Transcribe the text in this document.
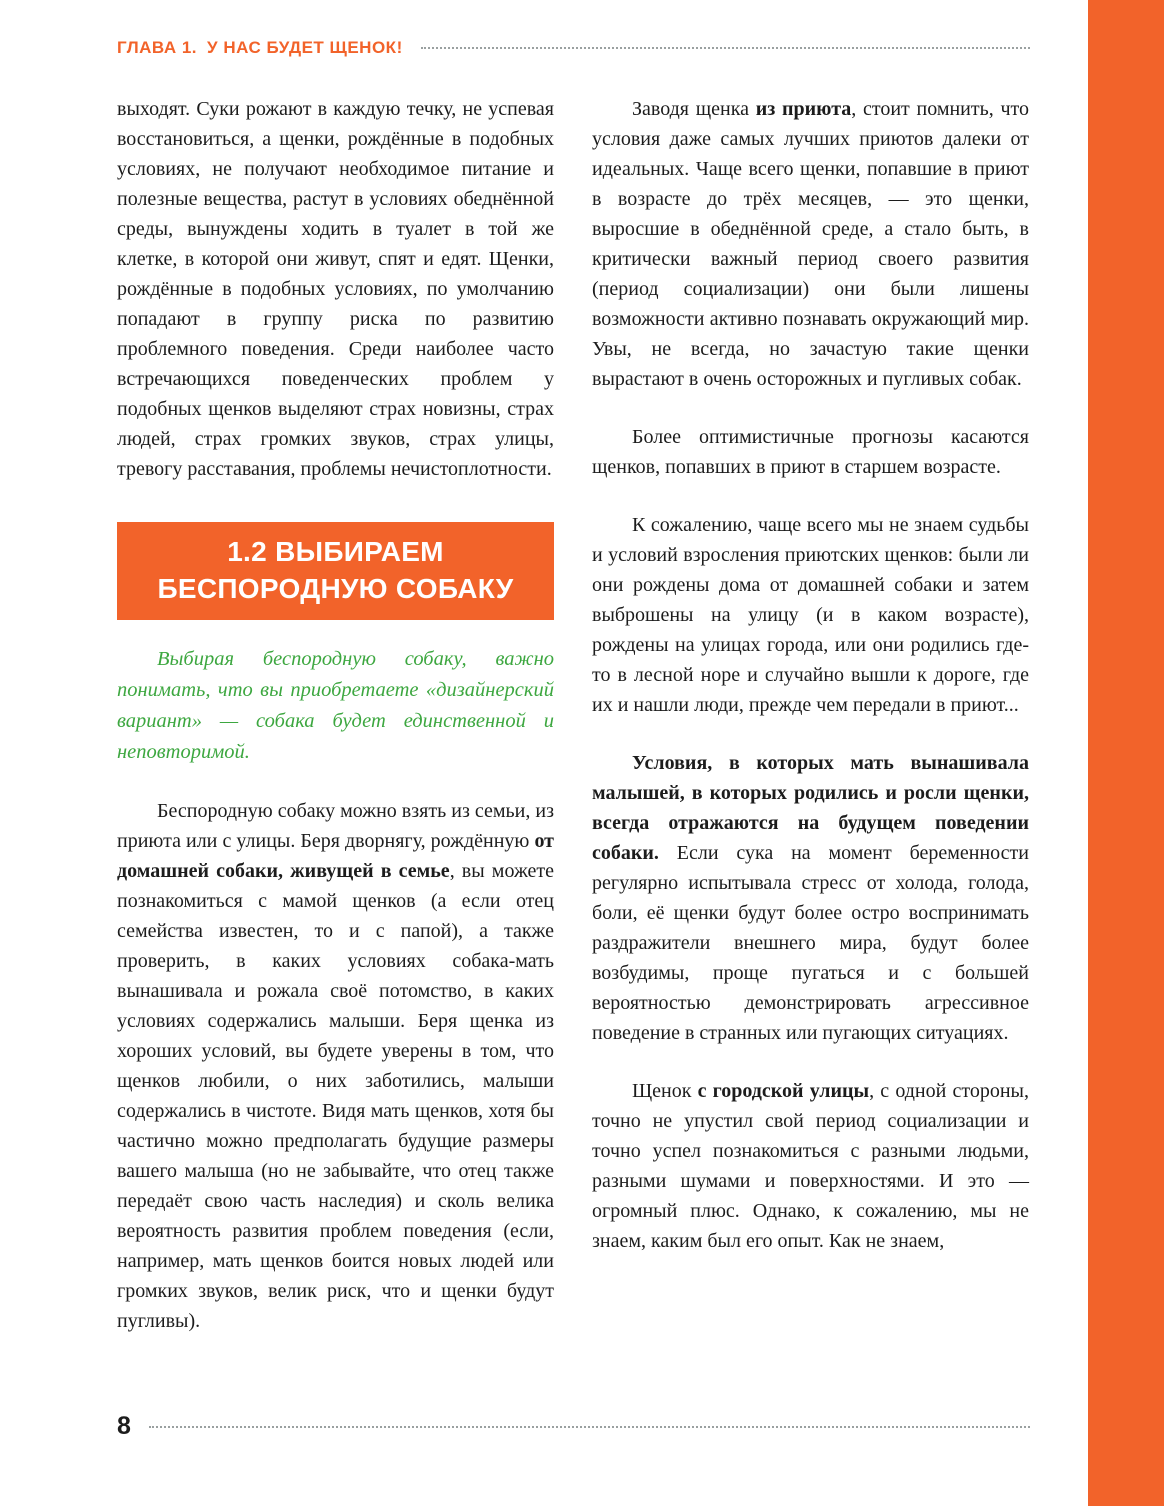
ГЛАВА 1. У НАС БУДЕТ ЩЕНОК!

выходят. Суки рожают в каждую течку, не успевая восстановиться, а щенки, рождённые в подобных условиях, не получают необходимое питание и полезные вещества, растут в условиях обеднённой среды, вынуждены ходить в туалет в той же клетке, в которой они живут, спят и едят. Щенки, рождённые в подобных условиях, по умолчанию попадают в группу риска по развитию проблемного поведения. Среди наиболее часто встречающихся поведенческих проблем у подобных щенков выделяют страх новизны, страх людей, страх громких звуков, страх улицы, тревогу расставания, проблемы нечистоплотности.

1.2 ВЫБИРАЕМ
БЕСПОРОДНУЮ СОБАКУ

Выбирая беспородную собаку, важно понимать, что вы приобретаете «дизайнерский вариант» — собака будет единственной и неповторимой.

Беспородную собаку можно взять из семьи, из приюта или с улицы. Беря дворнягу, рождённую от домашней собаки, живущей в семье, вы можете познакомиться с мамой щенков (а если отец семейства известен, то и с папой), а также проверить, в каких условиях собака-мать вынашивала и рожала своё потомство, в каких условиях содержались малыши. Беря щенка из хороших условий, вы будете уверены в том, что щенков любили, о них заботились, малыши содержались в чистоте. Видя мать щенков, хотя бы частично можно предполагать будущие размеры вашего малыша (но не забывайте, что отец также передаёт свою часть наследия) и сколь велика вероятность развития проблем поведения (если, например, мать щенков боится новых людей или громких звуков, велик риск, что и щенки будут пугливы).

Заводя щенка из приюта, стоит помнить, что условия даже самых лучших приютов далеки от идеальных. Чаще всего щенки, попавшие в приют в возрасте до трёх месяцев, — это щенки, выросшие в обеднённой среде, а стало быть, в критически важный период своего развития (период социализации) они были лишены возможности активно познавать окружающий мир. Увы, не всегда, но зачастую такие щенки вырастают в очень осторожных и пугливых собак.

Более оптимистичные прогнозы касаются щенков, попавших в приют в старшем возрасте.

К сожалению, чаще всего мы не знаем судьбы и условий взросления приютских щенков: были ли они рождены дома от домашней собаки и затем выброшены на улицу (и в каком возрасте), рождены на улицах города, или они родились где-то в лесной норе и случайно вышли к дороге, где их и нашли люди, прежде чем передали в приют...

Условия, в которых мать вынашивала малышей, в которых родились и росли щенки, всегда отражаются на будущем поведении собаки. Если сука на момент беременности регулярно испытывала стресс от холода, голода, боли, её щенки будут более остро воспринимать раздражители внешнего мира, будут более возбудимы, проще пугаться и с большей вероятностью демонстрировать агрессивное поведение в странных или пугающих ситуациях.

Щенок с городской улицы, с одной стороны, точно не упустил свой период социализации и точно успел познакомиться с разными людьми, разными шумами и поверхностями. И это — огромный плюс. Однако, к сожалению, мы не знаем, каким был его опыт. Как не знаем,

8
